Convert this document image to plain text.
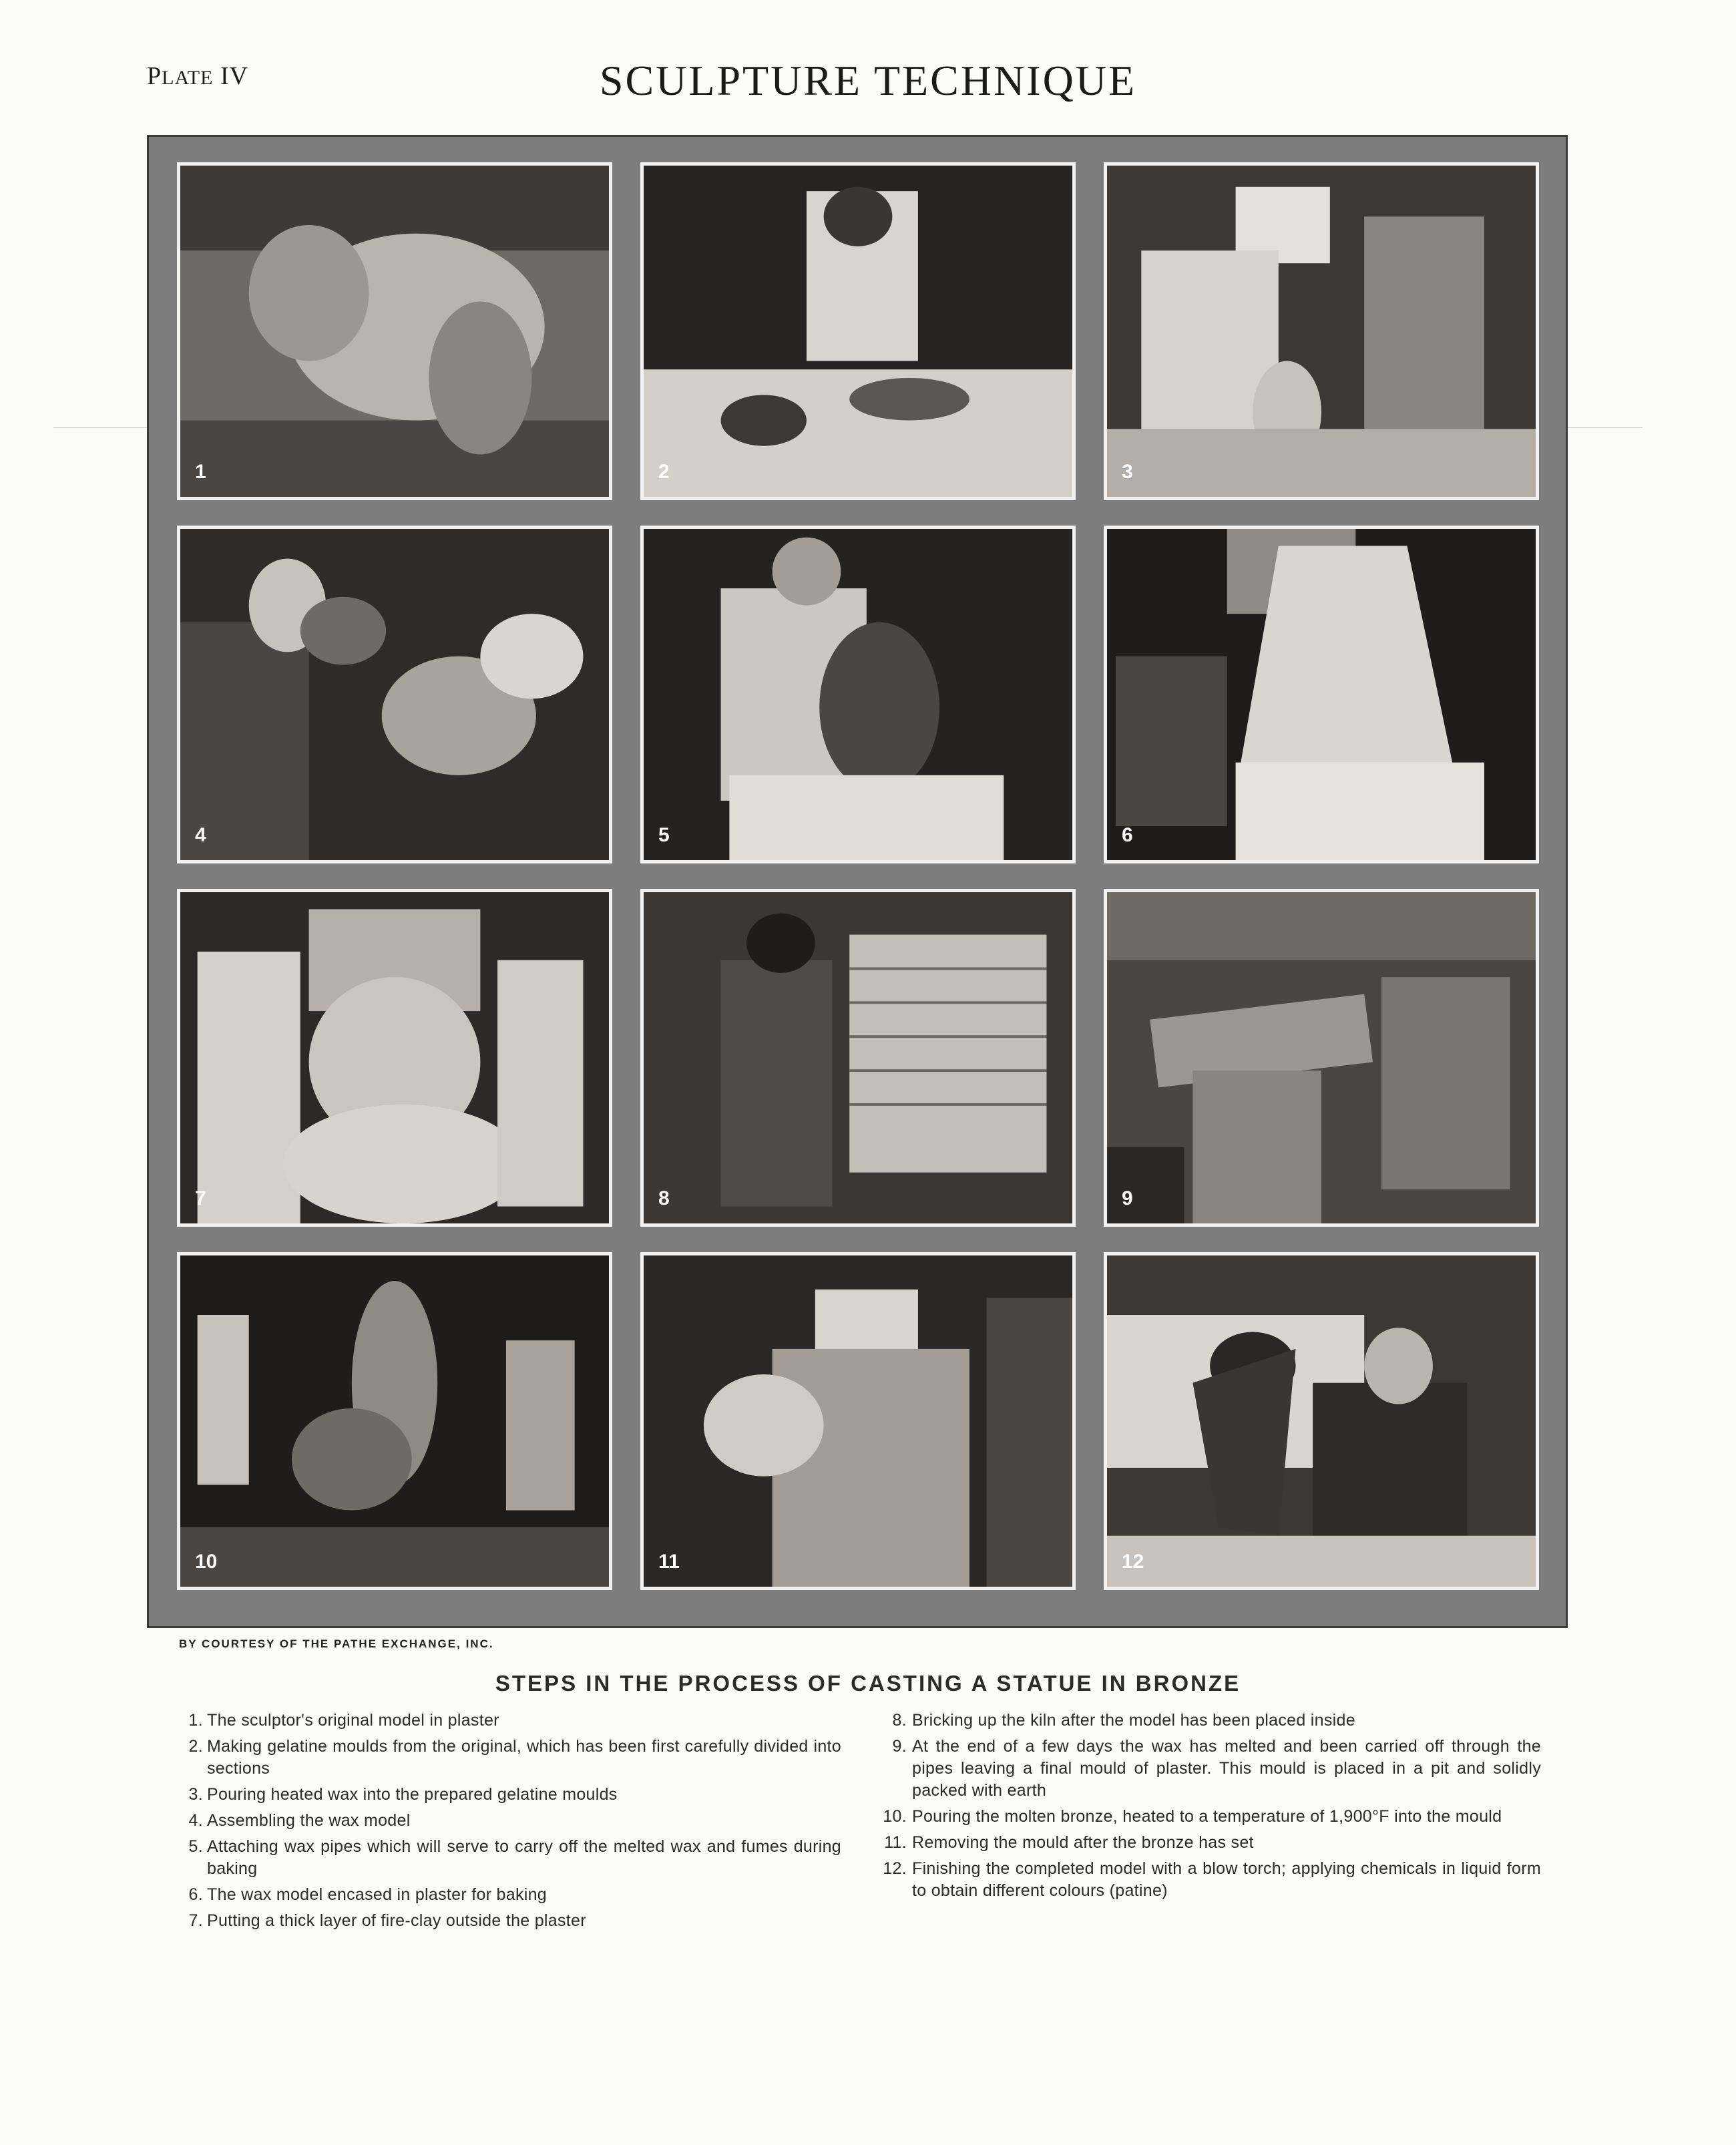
PLATE IV	SCULPTURE TECHNIQUE
1	2	3
4	5	6
7	8	9
10	11	12
BY COURTESY OF THE PATHE EXCHANGE, INC.
STEPS IN THE PROCESS OF CASTING A STATUE IN BRONZE
1. The sculptor's original model in plaster
2. Making gelatine moulds from the original, which has been first carefully divided into sections
3. Pouring heated wax into the prepared gelatine moulds
4. Assembling the wax model
5. Attaching wax pipes which will serve to carry off the melted wax and fumes during baking
6. The wax model encased in plaster for baking
7. Putting a thick layer of fire-clay outside the plaster
8. Bricking up the kiln after the model has been placed inside
9. At the end of a few days the wax has melted and been carried off through the pipes leaving a final mould of plaster. This mould is placed in a pit and solidly packed with earth
10. Pouring the molten bronze, heated to a temperature of 1,900°F into the mould
11. Removing the mould after the bronze has set
12. Finishing the completed model with a blow torch; applying chemicals in liquid form to obtain different colours (patine)
